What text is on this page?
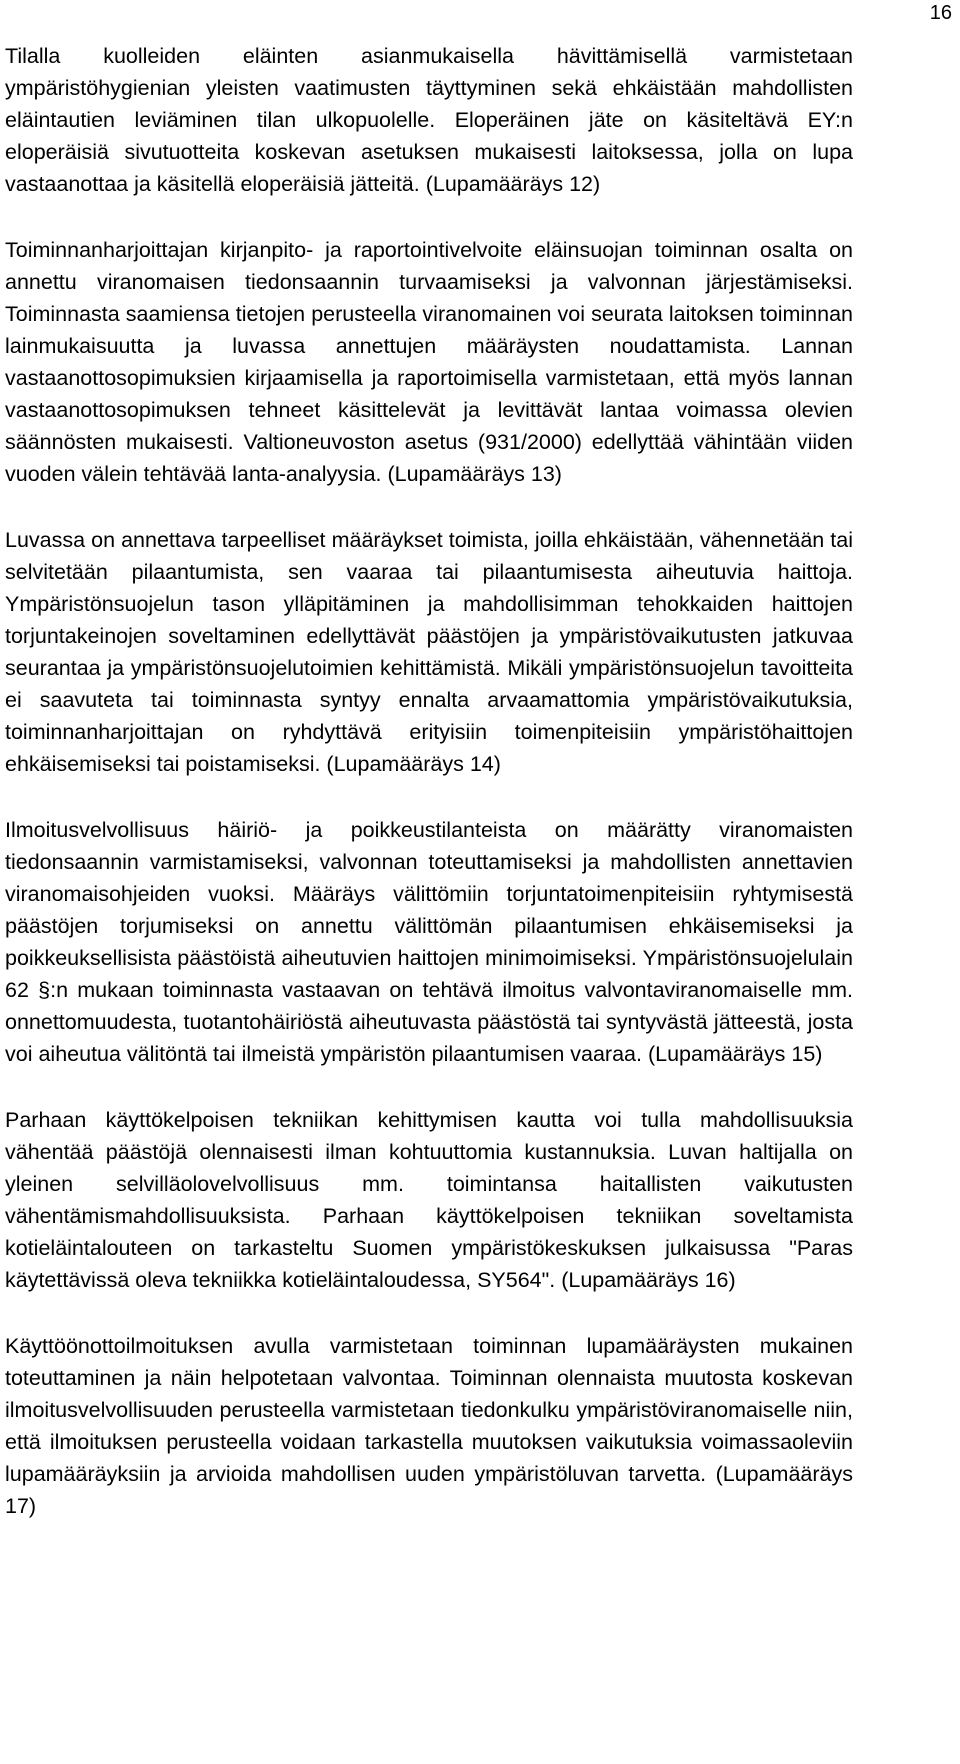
16

Tilalla kuolleiden eläinten asianmukaisella hävittämisellä varmistetaan ympäristöhygienian yleisten vaatimusten täyttyminen sekä ehkäistään mahdollisten eläintautien leviäminen tilan ulkopuolelle. Eloperäinen jäte on käsiteltävä EY:n eloperäisiä sivutuotteita koskevan asetuksen mukaisesti laitoksessa, jolla on lupa vastaanottaa ja käsitellä eloperäisiä jätteitä. (Lupamääräys 12)

Toiminnanharjoittajan kirjanpito- ja raportointivelvoite eläinsuojan toiminnan osalta on annettu viranomaisen tiedonsaannin turvaamiseksi ja valvonnan järjestämiseksi. Toiminnasta saamiensa tietojen perusteella viranomainen voi seurata laitoksen toiminnan lainmukaisuutta ja luvassa annettujen määräysten noudattamista. Lannan vastaanottosopimuksien kirjaamisella ja raportoimisella varmistetaan, että myös lannan vastaanottosopimuksen tehneet käsittelevät ja levittävät lantaa voimassa olevien säännösten mukaisesti. Valtioneuvoston asetus (931/2000) edellyttää vähintään viiden vuoden välein tehtävää lanta-analyysia. (Lupamääräys 13)

Luvassa on annettava tarpeelliset määräykset toimista, joilla ehkäistään, vähennetään tai selvitetään pilaantumista, sen vaaraa tai pilaantumisesta aiheutuvia haittoja. Ympäristönsuojelun tason ylläpitäminen ja mahdollisimman tehokkaiden haittojen torjuntakeinojen soveltaminen edellyttävät päästöjen ja ympäristövaikutusten jatkuvaa seurantaa ja ympäristönsuojelutoimien kehittämistä. Mikäli ympäristönsuojelun tavoitteita ei saavuteta tai toiminnasta syntyy ennalta arvaamattomia ympäristövaikutuksia, toiminnanharjoittajan on ryhdyttävä erityisiin toimenpiteisiin ympäristöhaittojen ehkäisemiseksi tai poistamiseksi. (Lupamääräys 14)

Ilmoitusvelvollisuus häiriö- ja poikkeustilanteista on määrätty viranomaisten tiedonsaannin varmistamiseksi, valvonnan toteuttamiseksi ja mahdollisten annettavien viranomaisohjeiden vuoksi. Määräys välittömiin torjuntatoimenpiteisiin ryhtymisestä päästöjen torjumiseksi on annettu välittömän pilaantumisen ehkäisemiseksi ja poikkeuksellisista päästöistä aiheutuvien haittojen minimoimiseksi. Ympäristönsuojelulain 62 §:n mukaan toiminnasta vastaavan on tehtävä ilmoitus valvontaviranomaiselle mm. onnettomuudesta, tuotantohäiriöstä aiheutuvasta päästöstä tai syntyvästä jätteestä, josta voi aiheutua välitöntä tai ilmeistä ympäristön pilaantumisen vaaraa. (Lupamääräys 15)

Parhaan käyttökelpoisen tekniikan kehittymisen kautta voi tulla mahdollisuuksia vähentää päästöjä olennaisesti ilman kohtuuttomia kustannuksia. Luvan haltijalla on yleinen selvilläolovelvollisuus mm. toimintansa haitallisten vaikutusten vähentämismahdollisuuksista. Parhaan käyttökelpoisen tekniikan soveltamista kotieläintalouteen on tarkasteltu Suomen ympäristökeskuksen julkaisussa "Paras käytettävissä oleva tekniikka kotieläintaloudessa, SY564". (Lupamääräys 16)

Käyttöönottoilmoituksen avulla varmistetaan toiminnan lupamääräysten mukainen toteuttaminen ja näin helpotetaan valvontaa. Toiminnan olennaista muutosta koskevan ilmoitusvelvollisuuden perusteella varmistetaan tiedonkulku ympäristöviranomaiselle niin, että ilmoituksen perusteella voidaan tarkastella muutoksen vaikutuksia voimassaoleviin lupamääräyksiin ja arvioida mahdollisen uuden ympäristöluvan tarvetta. (Lupamääräys 17)
